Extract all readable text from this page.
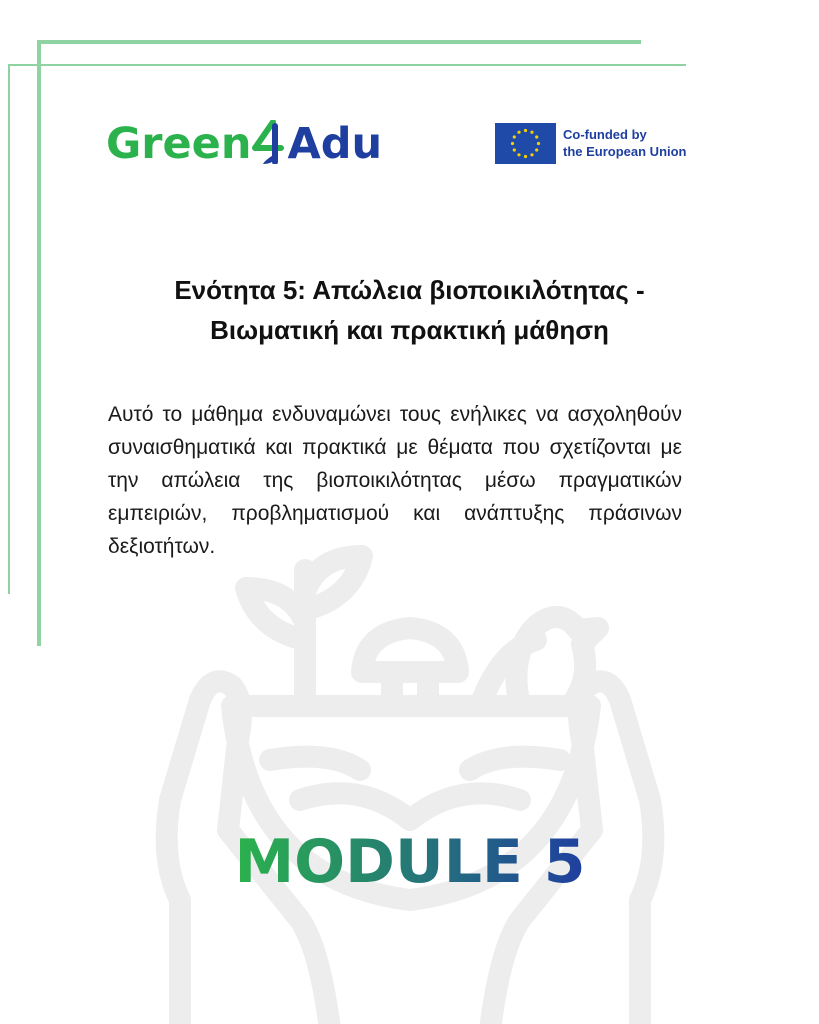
Green Adu	Co-funded by
the European Union
Ενότητα 5: Απώλεια βιοποικιλότητας -
Βιωματική και πρακτική μάθηση
Αυτό το μάθημα ενδυναμώνει τους ενήλικες να ασχοληθούν συναισθηματικά και πρακτικά με θέματα που σχετίζονται με την απώλεια της βιοποικιλότητας μέσω πραγματικών εμπειριών, προβληματισμού και ανάπτυξης πράσινων δεξιοτήτων.
MODULE 5
